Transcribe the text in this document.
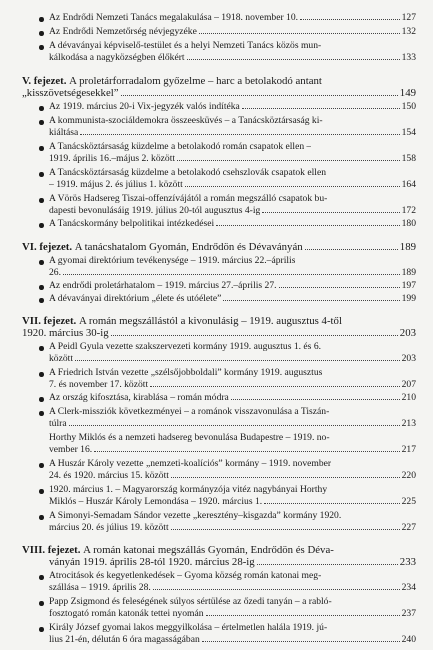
Az Endrődi Nemzeti Tanács megalakulása – 1918. november 10.	127
Az Endrődi Nemzetőrség névjegyzéke	132
A dévaványai képviselő-testület és a helyi Nemzeti Tanács közös mun-
kálkodása a nagyközségben élőkért	133
V. fejezet.
A proletárforradalom győzelme – harc a betolakodó antant
„kisszövetségesekkel”	149
Az 1919. március 20-i Vix-jegyzék valós indítéka	150
A kommunista-szociáldemokra összeesküvés – a Tanácsköztársaság ki-
kiáltása	154
A Tanácsköztársaság küzdelme a betolakodó román csapatok ellen –
1919. április 16.–május 2. között	158
A Tanácsköztársaság küzdelme a betolakodó csehszlovák csapatok ellen
– 1919. május 2. és július 1. között	164
A Vörös Hadsereg Tiszai-offenzívájától a román megszálló csapatok bu-
dapesti bevonulásáig 1919. július 20-tól augusztus 4-ig	172
A Tanácskormány belpolitikai intézkedései	180
VI. fejezet.
A tanácshatalom Gyomán, Endrődön és Dévaványán	189
A gyomai direktórium tevékenysége – 1919. március 22.–április
26.	189
Az endrődi proletárhatalom – 1919. március 27.–április 27.	197
A dévaványai direktórium „élete és utóélete”	199
VII. fejezet.
A román megszállástól a kivonulásig – 1919. augusztus 4-től
1920. március 30-ig	203
A Peidl Gyula vezette szakszervezeti kormány 1919. augusztus 1. és 6.
között	203
A Friedrich István vezette „szélsőjobboldali” kormány 1919. augusztus
7. és november 17. között	207
Az ország kifosztása, kirablása – román módra	210
A Clerk-missziók következményei – a románok visszavonulása a Tiszán-
túlra	213
Horthy Miklós és a nemzeti hadsereg bevonulása Budapestre – 1919. no-
vember 16.	217
A Huszár Károly vezette „nemzeti-koalíciós” kormány – 1919. november
24. és 1920. március 15. között	220
1920. március 1. – Magyarország kormányzója vitéz nagybányai Horthy
Miklós – Huszár Károly Lemondása – 1920. március 1.	225
A Simonyi-Semadam Sándor vezette „keresztény–kisgazda” kormány 1920.
március 20. és július 19. között	227
VIII. fejezet.
A román katonai megszállás Gyomán, Endrődön és Déva-
ványán 1919. április 28-tól 1920. március 28-ig	233
Atrocitások és kegyetlenkedések – Gyoma község román katonai meg-
szállása – 1919. április 28.	234
Papp Zsigmond és feleségének súlyos sértülése az őzedi tanyán – a rabló-
fosztogató román katonák tettei nyomán	237
Király József gyomai lakos meggyilkolása – értelmetlen halála 1919. jú-
lius 21-én, délután 6 óra magasságában	240
